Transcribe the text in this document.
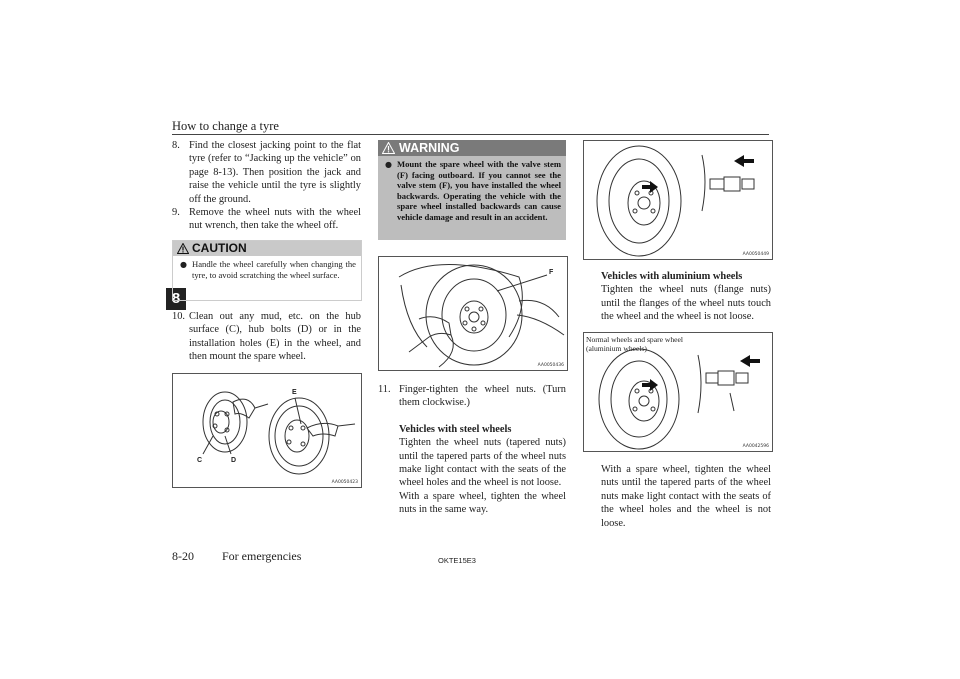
How to change a tyre
8
8. Find the closest jacking point to the flat tyre (refer to “Jacking up the vehicle” on page 8-13). Then position the jack and raise the vehicle until the tyre is slightly off the ground.
9. Remove the wheel nuts with the wheel nut wrench, then take the wheel off.
CAUTION
● Handle the wheel carefully when changing the tyre, to avoid scratching the wheel surface.
10. Clean out any mud, etc. on the hub surface (C), hub bolts (D) or in the installation holes (E) in the wheel, and then mount the spare wheel.
C	D
E
AA0050423
WARNING
● Mount the spare wheel with the valve stem (F) facing outboard. If you cannot see the valve stem (F), you have installed the wheel backwards. Operating the vehicle with the spare wheel installed backwards can cause vehicle damage and result in an accident.
F
AA0050436
11. Finger-tighten the wheel nuts. (Turn them clockwise.)
Vehicles with steel wheels
Tighten the wheel nuts (tapered nuts) until the tapered parts of the wheel nuts make light contact with the seats of the wheel holes and the wheel is not loose.
With a spare wheel, tighten the wheel nuts in the same way.
AA0050449
Vehicles with aluminium wheels
Tighten the wheel nuts (flange nuts) until the flanges of the wheel nuts touch the wheel and the wheel is not loose.
Normal wheels and spare wheel
(aluminium wheels)
AA0042596
With a spare wheel, tighten the wheel nuts until the tapered parts of the wheel nuts make light contact with the seats of the wheel holes and the wheel is not loose.
8-20 For emergencies	OKTE15E3
